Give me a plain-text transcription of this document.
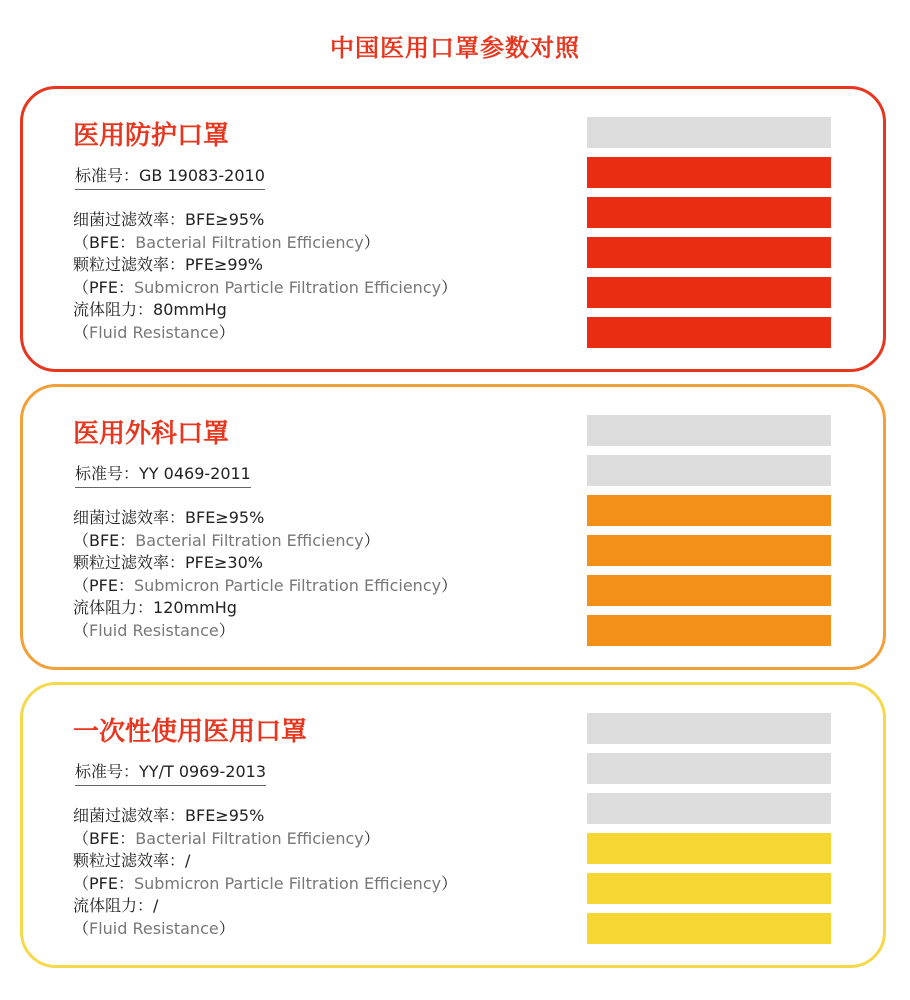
中国医用口罩参数对照
医用防护口罩
标准号：GB 19083-2010
细菌过滤效率：BFE≥95%
（BFE：Bacterial Filtration Efficiency）
颗粒过滤效率：PFE≥99%
（PFE：Submicron Particle Filtration Efficiency）
流体阻力：80mmHg
（Fluid Resistance）
医用外科口罩
标准号：YY 0469-2011
细菌过滤效率：BFE≥95%
（BFE：Bacterial Filtration Efficiency）
颗粒过滤效率：PFE≥30%
（PFE：Submicron Particle Filtration Efficiency）
流体阻力：120mmHg
（Fluid Resistance）
一次性使用医用口罩
标准号：YY/T 0969-2013
细菌过滤效率：BFE≥95%
（BFE：Bacterial Filtration Efficiency）
颗粒过滤效率：/
（PFE：Submicron Particle Filtration Efficiency）
流体阻力：/
（Fluid Resistance）
